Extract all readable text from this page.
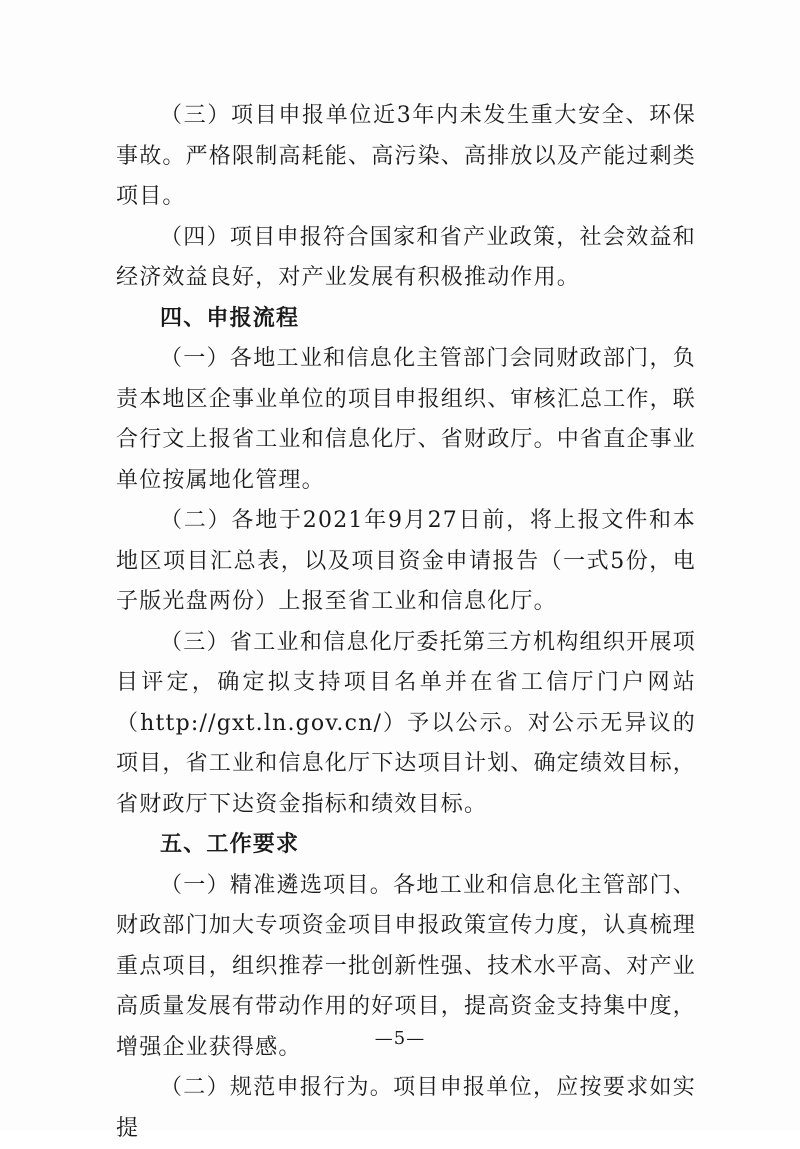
（三）项目申报单位近3年内未发生重大安全、环保事故。严格限制高耗能、高污染、高排放以及产能过剩类项目。

（四）项目申报符合国家和省产业政策，社会效益和经济效益良好，对产业发展有积极推动作用。

四、申报流程

（一）各地工业和信息化主管部门会同财政部门，负责本地区企事业单位的项目申报组织、审核汇总工作，联合行文上报省工业和信息化厅、省财政厅。中省直企事业单位按属地化管理。

（二）各地于2021年9月27日前，将上报文件和本地区项目汇总表，以及项目资金申请报告（一式5份，电子版光盘两份）上报至省工业和信息化厅。

（三）省工业和信息化厅委托第三方机构组织开展项目评定，确定拟支持项目名单并在省工信厅门户网站（http://gxt.ln.gov.cn/）予以公示。对公示无异议的项目，省工业和信息化厅下达项目计划、确定绩效目标，省财政厅下达资金指标和绩效目标。

五、工作要求

（一）精准遴选项目。各地工业和信息化主管部门、财政部门加大专项资金项目申报政策宣传力度，认真梳理重点项目，组织推荐一批创新性强、技术水平高、对产业高质量发展有带动作用的好项目，提高资金支持集中度，增强企业获得感。

（二）规范申报行为。项目申报单位，应按要求如实提

—5—
